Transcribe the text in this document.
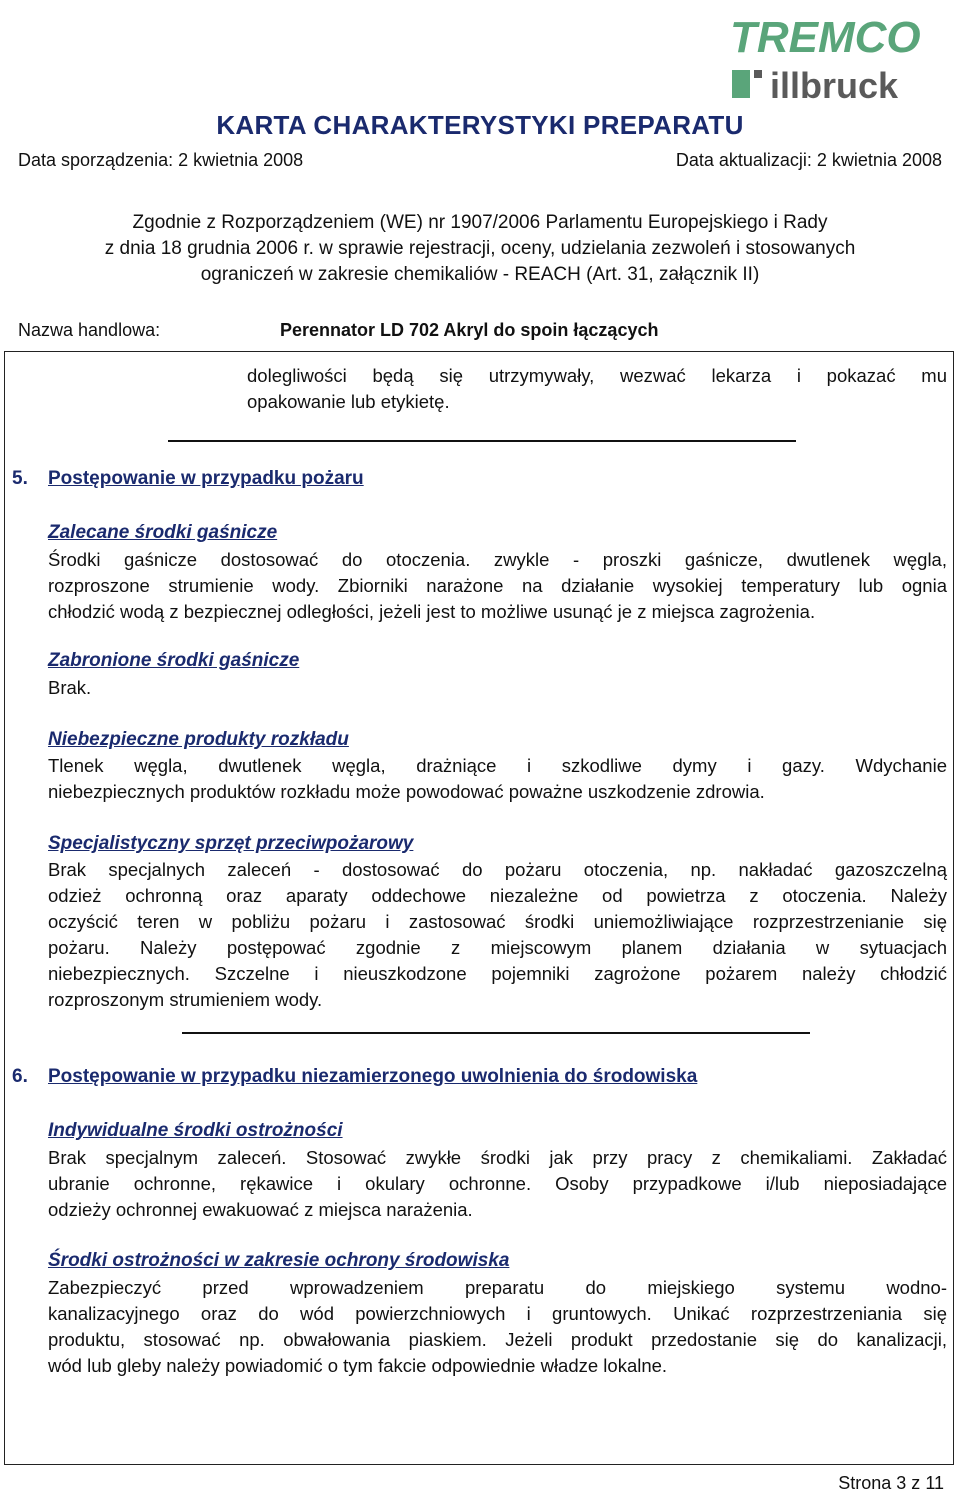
TREMCO
illbruck
KARTA CHARAKTERYSTYKI PREPARATU
Data sporządzenia: 2 kwietnia 2008	Data aktualizacji: 2 kwietnia 2008
Zgodnie z Rozporządzeniem (WE) nr 1907/2006 Parlamentu Europejskiego i Rady
z dnia 18 grudnia 2006 r. w sprawie rejestracji, oceny, udzielania zezwoleń i stosowanych
ograniczeń w zakresie chemikaliów - REACH (Art. 31, załącznik II)
Nazwa handlowa:	Perennator LD 702 Akryl do spoin łączących
dolegliwości będą się utrzymywały, wezwać lekarza i pokazać mu
opakowanie lub etykietę.
5. Postępowanie w przypadku pożaru
Zalecane środki gaśnicze
Środki gaśnicze dostosować do otoczenia. zwykle - proszki gaśnicze, dwutlenek węgla,
rozproszone strumienie wody. Zbiorniki narażone na działanie wysokiej temperatury lub ognia
chłodzić wodą z bezpiecznej odległości, jeżeli jest to możliwe usunąć je z miejsca zagrożenia.
Zabronione środki gaśnicze
Brak.
Niebezpieczne produkty rozkładu
Tlenek węgla, dwutlenek węgla, drażniące i szkodliwe dymy i gazy. Wdychanie
niebezpiecznych produktów rozkładu może powodować poważne uszkodzenie zdrowia.
Specjalistyczny sprzęt przeciwpożarowy
Brak specjalnych zaleceń - dostosować do pożaru otoczenia, np. nakładać gazoszczelną
odzież ochronną oraz aparaty oddechowe niezależne od powietrza z otoczenia. Należy
oczyścić teren w pobliżu pożaru i zastosować środki uniemożliwiające rozprzestrzenianie się
pożaru. Należy postępować zgodnie z miejscowym planem działania w sytuacjach
niebezpiecznych. Szczelne i nieuszkodzone pojemniki zagrożone pożarem należy chłodzić
rozproszonym strumieniem wody.
6. Postępowanie w przypadku niezamierzonego uwolnienia do środowiska
Indywidualne środki ostrożności
Brak specjalnym zaleceń. Stosować zwykłe środki jak przy pracy z chemikaliami. Zakładać
ubranie ochronne, rękawice i okulary ochronne. Osoby przypadkowe i/lub nieposiadające
odzieży ochronnej ewakuować z miejsca narażenia.
Środki ostrożności w zakresie ochrony środowiska
Zabezpieczyć przed wprowadzeniem preparatu do miejskiego systemu wodno-
kanalizacyjnego oraz do wód powierzchniowych i gruntowych. Unikać rozprzestrzeniania się
produktu, stosować np. obwałowania piaskiem. Jeżeli produkt przedostanie się do kanalizacji,
wód lub gleby należy powiadomić o tym fakcie odpowiednie władze lokalne.
Strona 3 z 11
